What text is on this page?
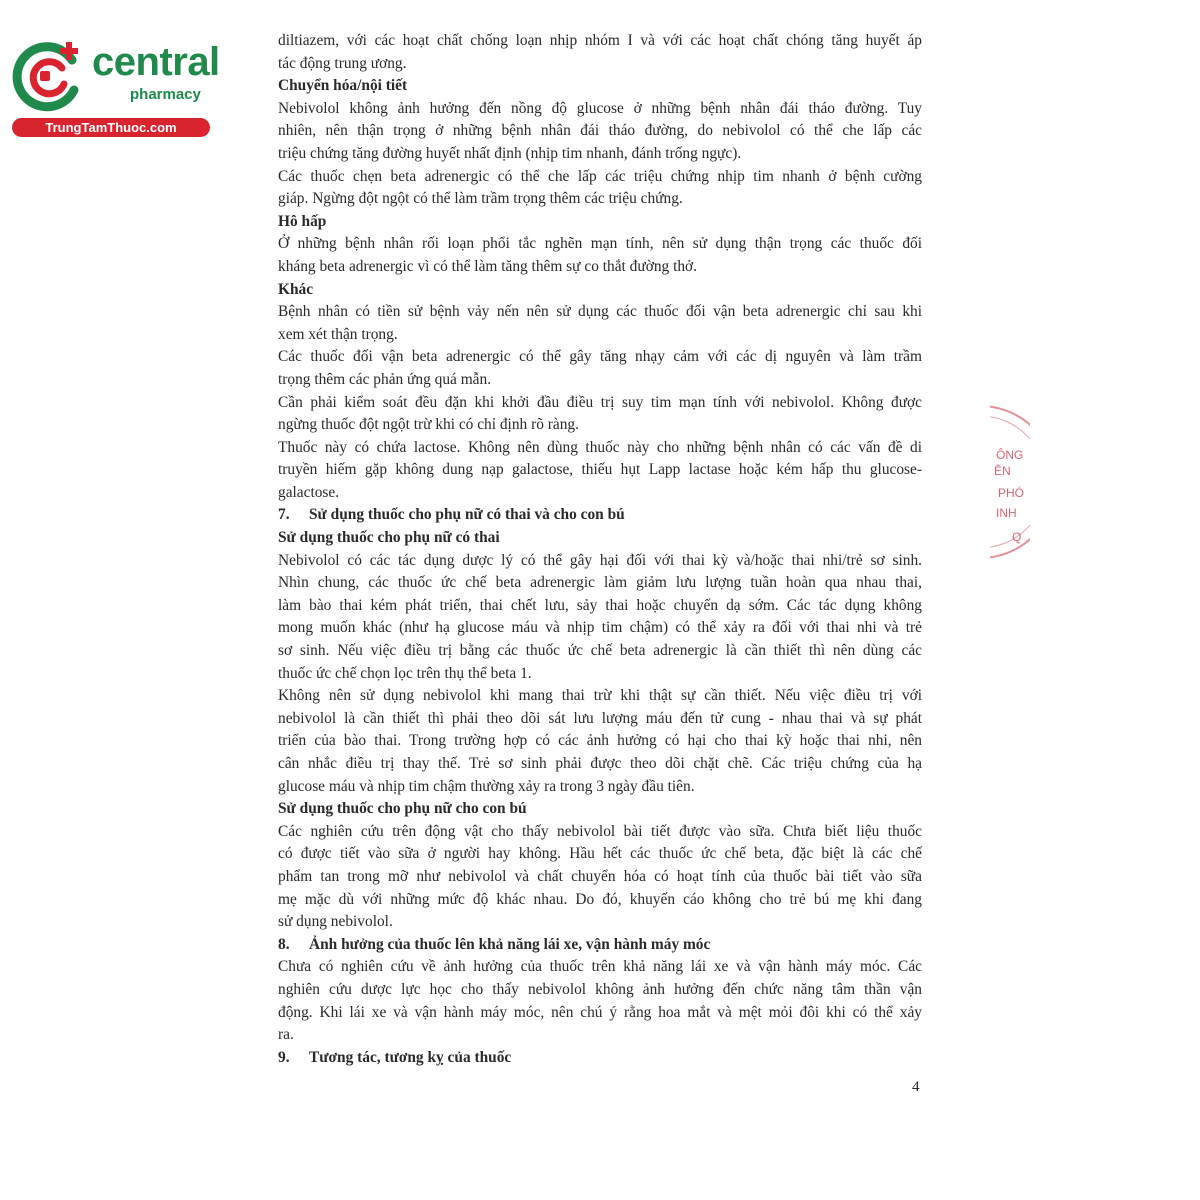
central
pharmacy
TrungTamThuoc.com

diltiazem, với các hoạt chất chống loạn nhịp nhóm I và với các hoạt chất chóng tăng huyết áp

tác động trung ương.

Chuyển hóa/nội tiết

Nebivolol không ảnh hưởng đến nồng độ glucose ở những bệnh nhân đái tháo đường. Tuy

nhiên, nên thận trọng ở những bệnh nhân đái tháo đường, do nebivolol có thể che lấp các

triệu chứng tăng đường huyết nhất định (nhịp tim nhanh, đánh trống ngực).

Các thuốc chẹn beta adrenergic có thể che lấp các triệu chứng nhịp tim nhanh ở bệnh cường

giáp. Ngừng đột ngột có thể làm trầm trọng thêm các triệu chứng.

Hô hấp

Ở những bệnh nhân rối loạn phổi tắc nghẽn mạn tính, nên sử dụng thận trọng các thuốc đối

kháng beta adrenergic vì có thể làm tăng thêm sự co thắt đường thở.

Khác

Bệnh nhân có tiền sử bệnh vảy nến nên sử dụng các thuốc đối vận beta adrenergic chỉ sau khi

xem xét thận trọng.

Các thuốc đối vận beta adrenergic có thể gây tăng nhạy cảm với các dị nguyên và làm trầm

trọng thêm các phản ứng quá mẫn.

Cần phải kiểm soát đều đặn khi khởi đầu điều trị suy tim mạn tính với nebivolol. Không được

ngừng thuốc đột ngột trừ khi có chỉ định rõ ràng.

Thuốc này có chứa lactose. Không nên dùng thuốc này cho những bệnh nhân có các vấn đề di

truyền hiếm gặp không dung nạp galactose, thiếu hụt Lapp lactase hoặc kém hấp thu glucose-

galactose.

7.	Sử dụng thuốc cho phụ nữ có thai và cho con bú

Sử dụng thuốc cho phụ nữ có thai

Nebivolol có các tác dụng dược lý có thể gây hại đối với thai kỳ và/hoặc thai nhi/trẻ sơ sinh.

Nhìn chung, các thuốc ức chế beta adrenergic làm giảm lưu lượng tuần hoàn qua nhau thai,

làm bào thai kém phát triển, thai chết lưu, sảy thai hoặc chuyển dạ sớm. Các tác dụng không

mong muốn khác (như hạ glucose máu và nhịp tim chậm) có thể xảy ra đối với thai nhi và trẻ

sơ sinh. Nếu việc điều trị bằng các thuốc ức chế beta adrenergic là cần thiết thì nên dùng các

thuốc ức chế chọn lọc trên thụ thể beta 1.

Không nên sử dụng nebivolol khi mang thai trừ khi thật sự cần thiết. Nếu việc điều trị với

nebivolol là cần thiết thì phải theo dõi sát lưu lượng máu đến tử cung - nhau thai và sự phát

triển của bào thai. Trong trường hợp có các ảnh hưởng có hại cho thai kỳ hoặc thai nhi, nên

cân nhắc điều trị thay thế. Trẻ sơ sinh phải được theo dõi chặt chẽ. Các triệu chứng của hạ

glucose máu và nhịp tim chậm thường xảy ra trong 3 ngày đầu tiên.

Sử dụng thuốc cho phụ nữ cho con bú

Các nghiên cứu trên động vật cho thấy nebivolol bài tiết được vào sữa. Chưa biết liệu thuốc

có được tiết vào sữa ở người hay không. Hầu hết các thuốc ức chế beta, đặc biệt là các chế

phẩm tan trong mỡ như nebivolol và chất chuyển hóa có hoạt tính của thuốc bài tiết vào sữa

mẹ mặc dù với những mức độ khác nhau. Do đó, khuyến cáo không cho trẻ bú mẹ khi đang

sử dụng nebivolol.

8.	Ảnh hưởng của thuốc lên khả năng lái xe, vận hành máy móc

Chưa có nghiên cứu về ảnh hưởng của thuốc trên khả năng lái xe và vận hành máy móc. Các

nghiên cứu dược lực học cho thấy nebivolol không ảnh hưởng đến chức năng tâm thần vận

động. Khi lái xe và vận hành máy móc, nên chú ý rằng hoa mắt và mệt mỏi đôi khi có thể xảy

ra.

9.	Tương tác, tương kỵ của thuốc

4
ÔNG
ÊN
PHÓ
INH
Q
